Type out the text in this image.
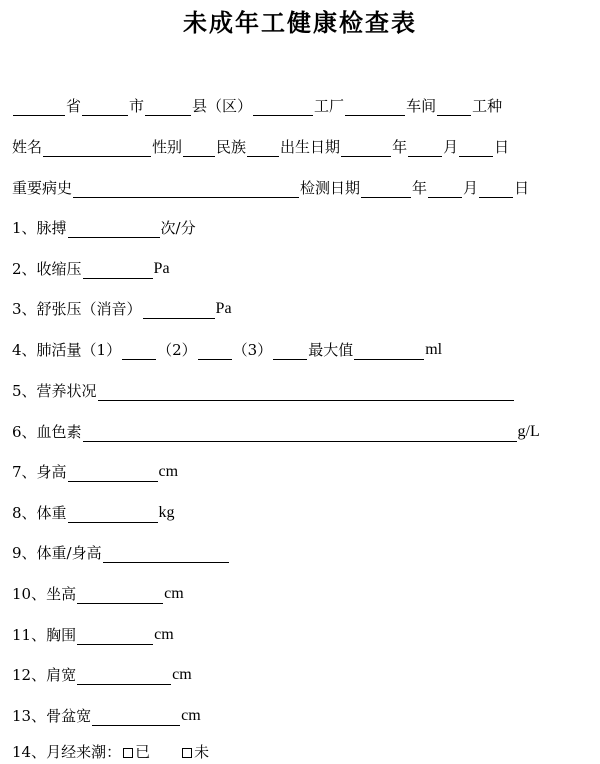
未成年工健康检查表
省	市	县（区）	工厂	车间 工种
姓名	性别 民族 出生日期	年 月 日
重要病史	检测日期	年 月 日
1、脉搏	次/分
2、收缩压	Pa
3、舒张压（消音）	Pa
4、肺活量（1） （2） （3） 最大值	ml
5、营养状况
6、血色素	g/L
7、身高	cm
8、体重	kg
9、体重/身高
10、坐高	cm
11、胸围	cm
12、肩宽	cm
13、骨盆宽	cm
14、月经来潮： 已	未
